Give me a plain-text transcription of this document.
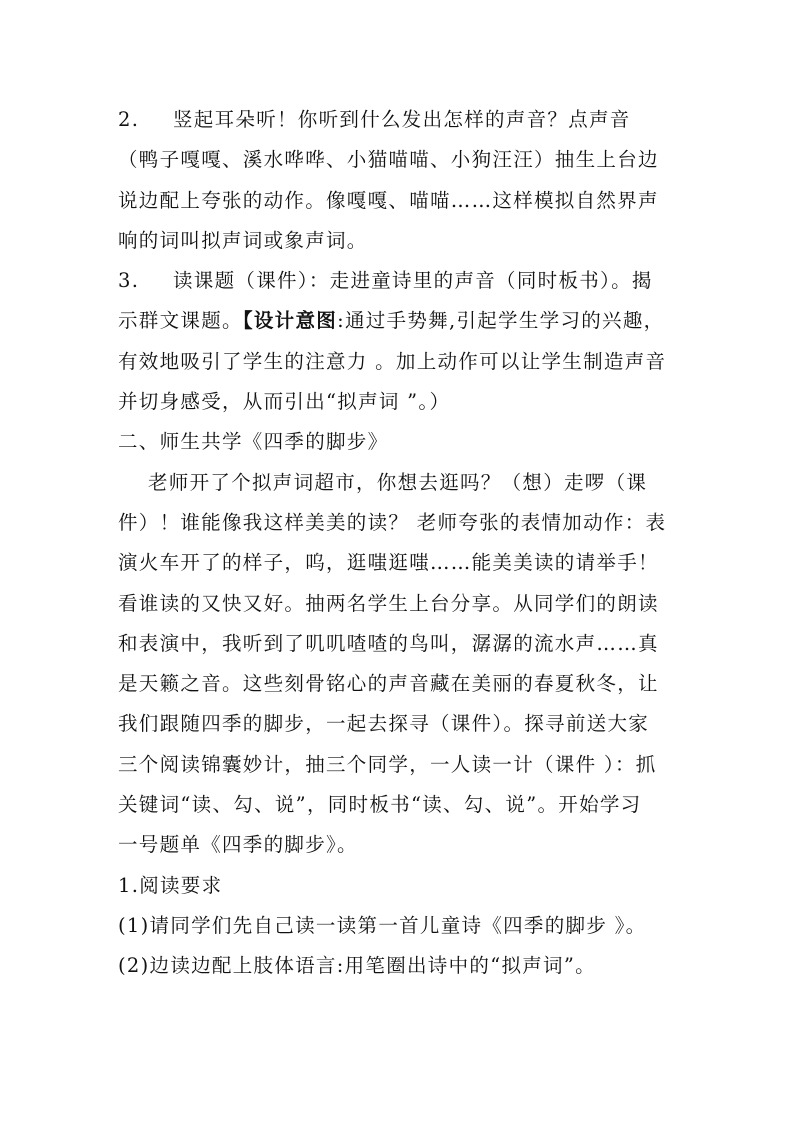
2. 竖起耳朵听！你听到什么发出怎样的声音？点声音
（鸭子嘎嘎、溪水哗哗、小猫喵喵、小狗汪汪）抽生上台边
说边配上夸张的动作。像嘎嘎、喵喵……这样模拟自然界声
响的词叫拟声词或象声词。
3. 读课题（课件）：走进童诗里的声音（同时板书）。揭
示群文课题。【设计意图:通过手势舞,引起学生学习的兴趣，
有效地吸引了学生的注意力 。加上动作可以让学生制造声音
并切身感受，从而引出“拟声词 ”。）
二、师生共学《四季的脚步》
老师开了个拟声词超市，你想去逛吗？（想）走啰（课
件）！谁能像我这样美美的读？ 老师夸张的表情加动作：表
演火车开了的样子，呜，逛嗤逛嗤……能美美读的请举手！
看谁读的又快又好。抽两名学生上台分享。从同学们的朗读
和表演中，我听到了叽叽喳喳的鸟叫，潺潺的流水声……真
是天籁之音。这些刻骨铭心的声音藏在美丽的春夏秋冬，让
我们跟随四季的脚步，一起去探寻（课件）。探寻前送大家
三个阅读锦囊妙计，抽三个同学，一人读一计（课件 ）：抓
关键词“读、勾、说”，同时板书“读、勾、说”。开始学习
一号题单《四季的脚步》。
1.阅读要求
(1)请同学们先自己读一读第一首儿童诗《四季的脚步 》。
(2)边读边配上肢体语言:用笔圈出诗中的“拟声词”。
